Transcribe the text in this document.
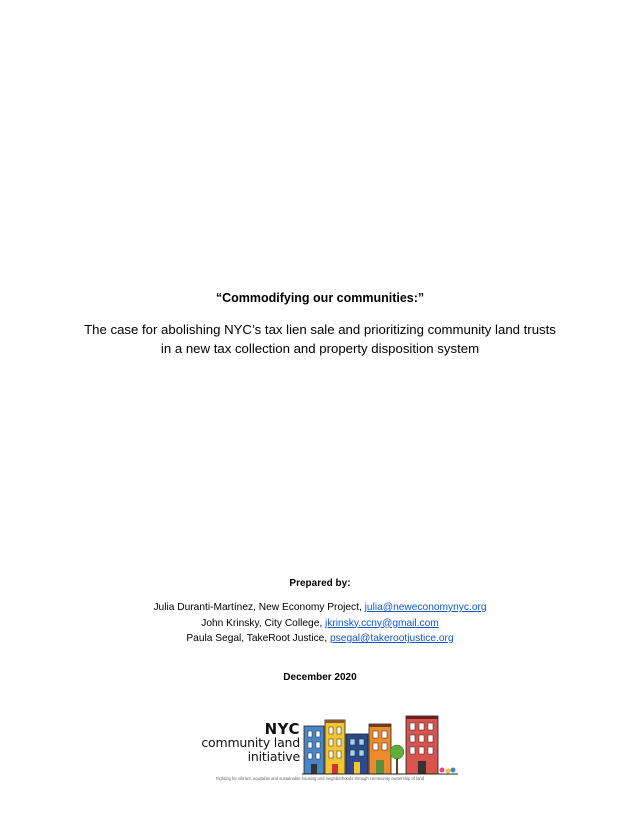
“Commodifying our communities:”
The case for abolishing NYC’s tax lien sale and prioritizing community land trusts
in a new tax collection and property disposition system
Prepared by:
Julia Duranti-Martínez, New Economy Project, julia@neweconomynyc.org
John Krinsky, City College, jkrinsky.ccny@gmail.com
Paula Segal, TakeRoot Justice, psegal@takerootjustice.org
December 2020
NYC
community land
initiative
Fighting for vibrant, equitable and sustainable housing and neighborhoods through community ownership of land
